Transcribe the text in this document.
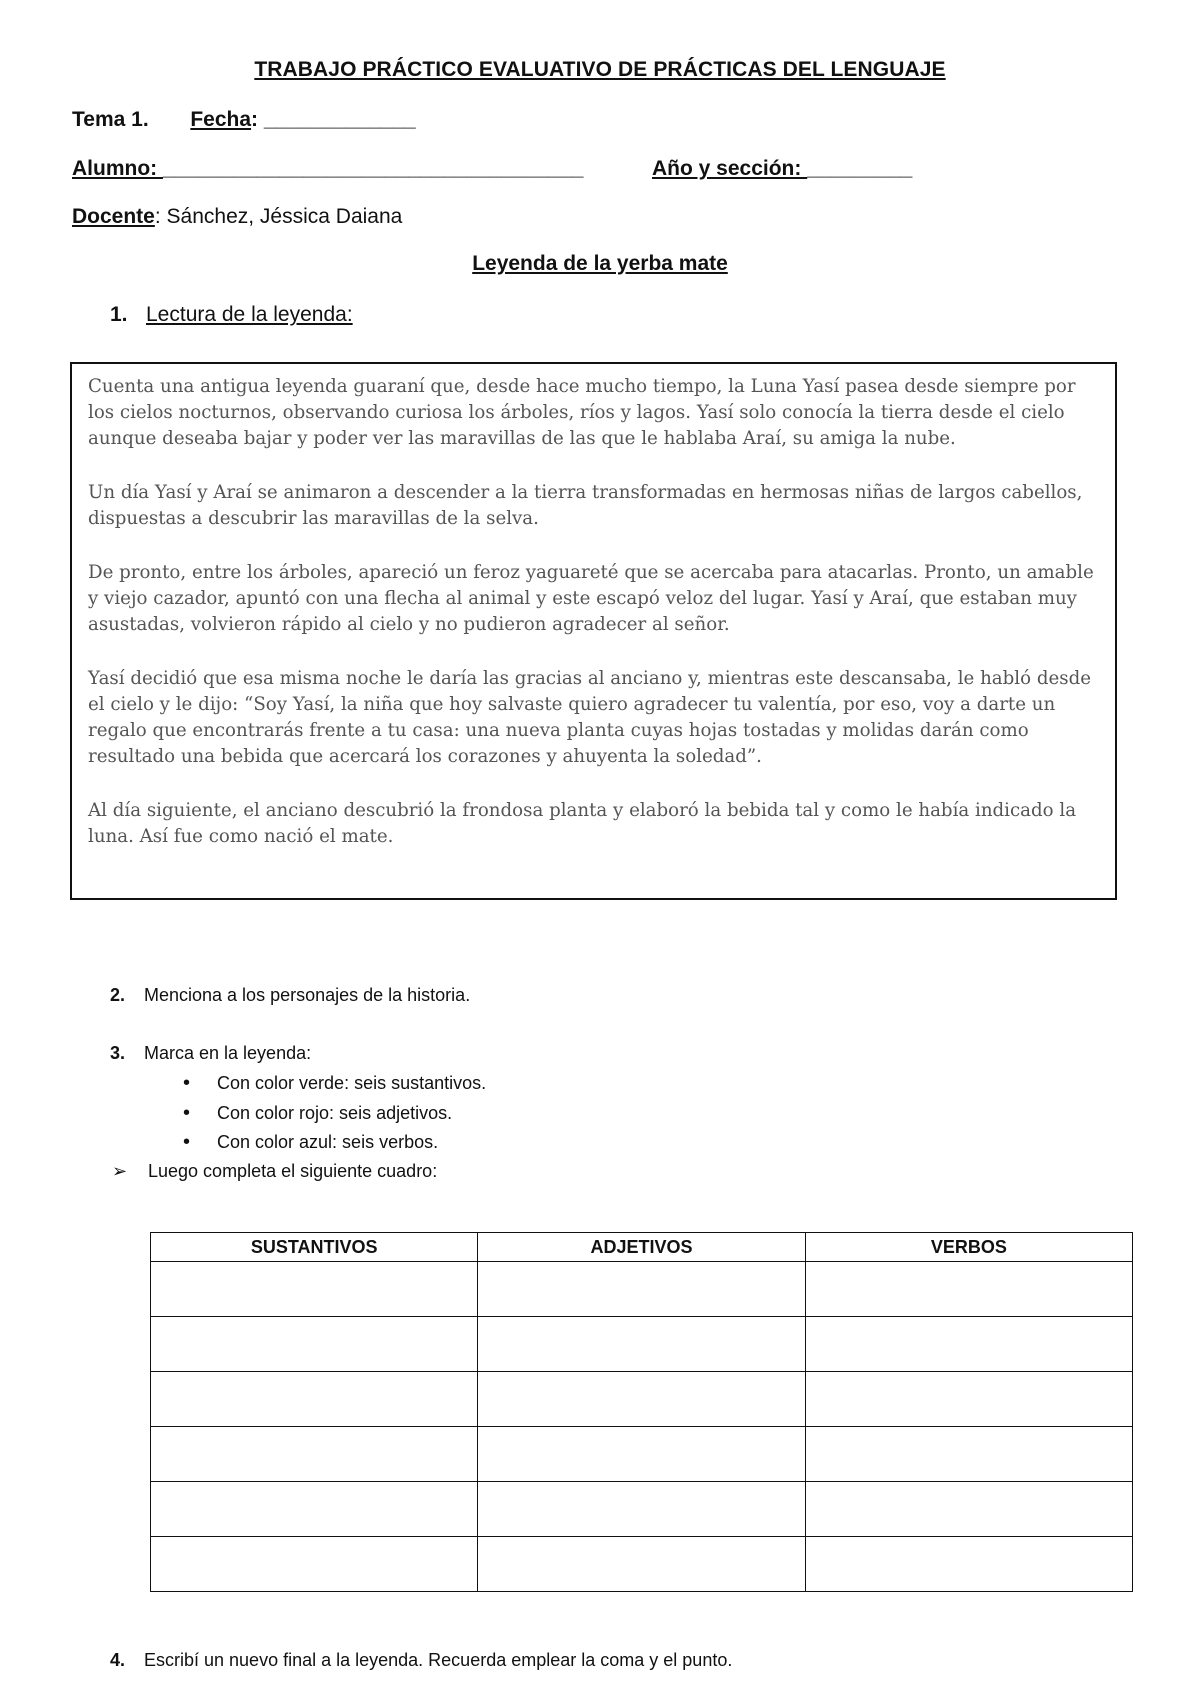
TRABAJO PRÁCTICO EVALUATIVO DE PRÁCTICAS DEL LENGUAJE
Tema 1. Fecha: _____________
Alumno: ____________________________________	Año y sección: _________
Docente: Sánchez, Jéssica Daiana
Leyenda de la yerba mate
1. Lectura de la leyenda:

Cuenta una antigua leyenda guaraní que, desde hace mucho tiempo, la Luna Yasí pasea desde siempre por los cielos nocturnos, observando curiosa los árboles, ríos y lagos. Yasí solo conocía la tierra desde el cielo aunque deseaba bajar y poder ver las maravillas de las que le hablaba Araí, su amiga la nube.

Un día Yasí y Araí se animaron a descender a la tierra transformadas en hermosas niñas de largos cabellos, dispuestas a descubrir las maravillas de la selva.

De pronto, entre los árboles, apareció un feroz yaguareté que se acercaba para atacarlas. Pronto, un amable y viejo cazador, apuntó con una flecha al animal y este escapó veloz del lugar. Yasí y Araí, que estaban muy asustadas, volvieron rápido al cielo y no pudieron agradecer al señor.

Yasí decidió que esa misma noche le daría las gracias al anciano y, mientras este descansaba, le habló desde el cielo y le dijo: “Soy Yasí, la niña que hoy salvaste quiero agradecer tu valentía, por eso, voy a darte un regalo que encontrarás frente a tu casa: una nueva planta cuyas hojas tostadas y molidas darán como resultado una bebida que acercará los corazones y ahuyenta la soledad”.

Al día siguiente, el anciano descubrió la frondosa planta y elaboró la bebida tal y como le había indicado la luna. Así fue como nació el mate.

2. Menciona a los personajes de la historia.
3. Marca en la leyenda:
• Con color verde: seis sustantivos.
• Con color rojo: seis adjetivos.
• Con color azul: seis verbos.
➢ Luego completa el siguiente cuadro:
SUSTANTIVOS	ADJETIVOS	VERBOS

4. Escribí un nuevo final a la leyenda. Recuerda emplear la coma y el punto.
